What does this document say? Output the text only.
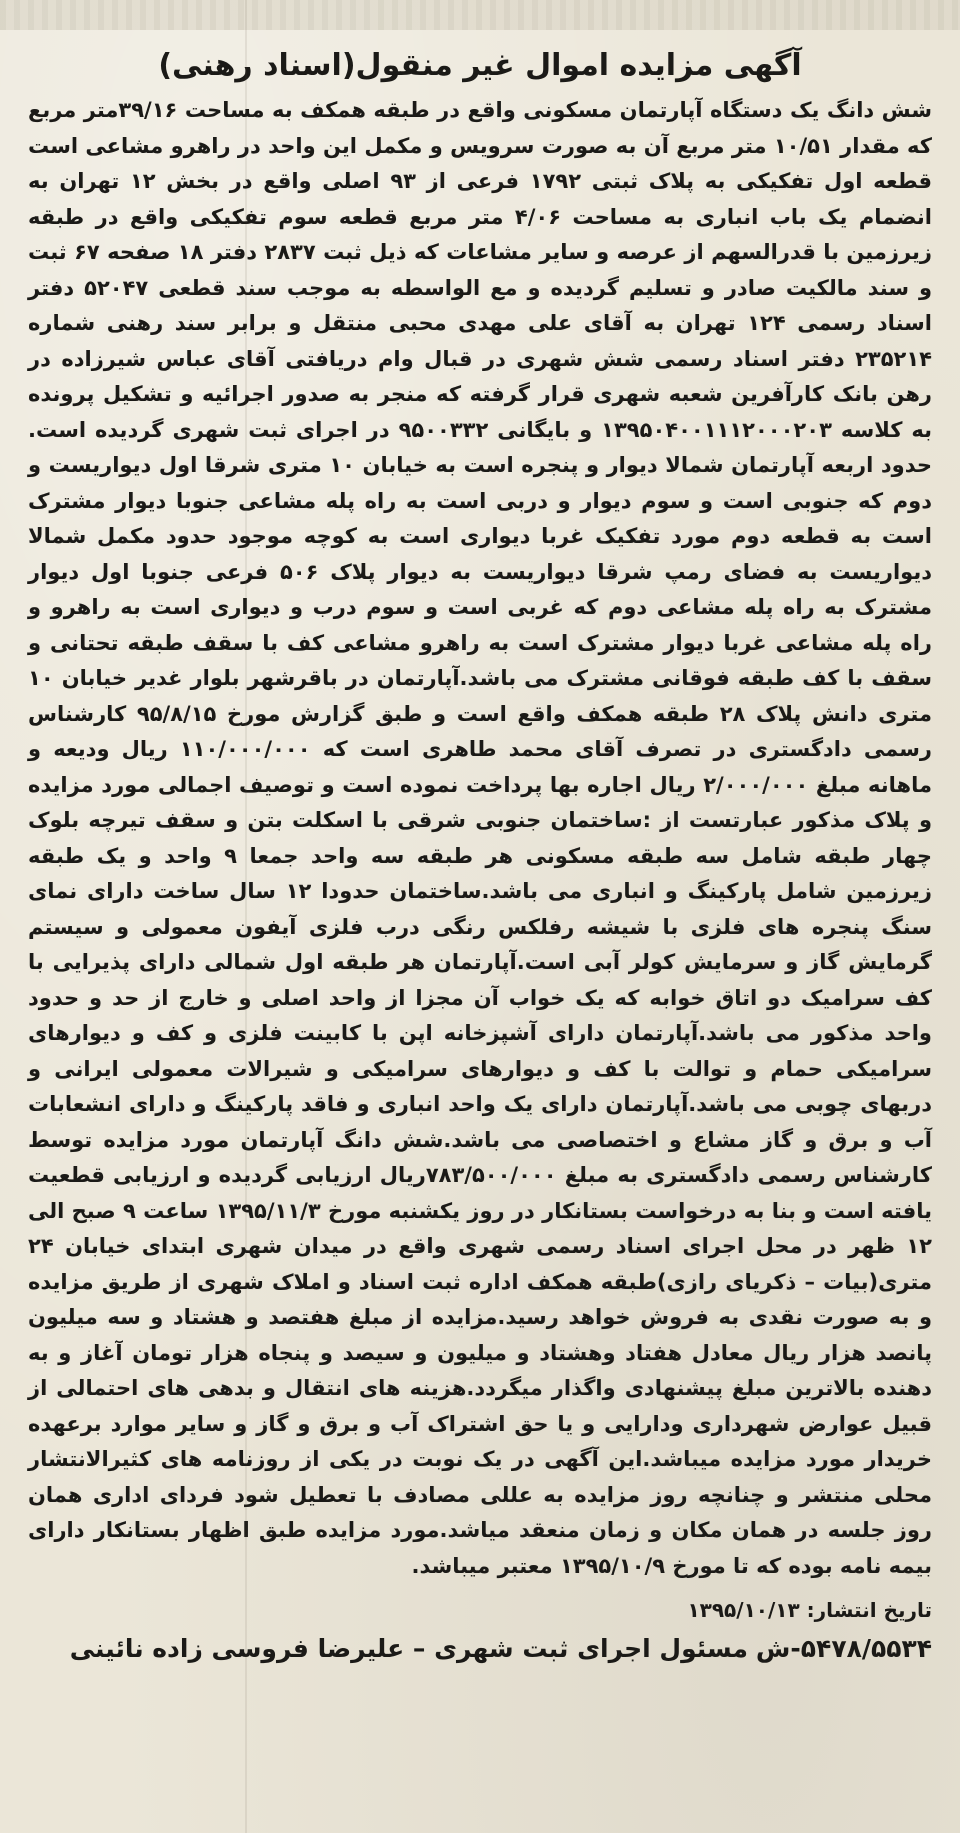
آگهی مزایده اموال غیر منقول(اسناد رهنی)

شش دانگ یک دستگاه آپارتمان مسکونی واقع در طبقه همکف به مساحت ۳۹/۱۶متر مربع که مقدار ۱۰/۵۱ متر مربع آن به صورت سرویس و مکمل این واحد در راهرو مشاعی است قطعه اول تفکیکی به پلاک ثبتی ۱۷۹۲ فرعی از ۹۳ اصلی واقع در بخش ۱۲ تهران به انضمام یک باب انباری به مساحت ۴/۰۶ متر مربع قطعه سوم تفکیکی واقع در طبقه زیرزمین با قدرالسهم از عرصه و سایر مشاعات که ذیل ثبت ۲۸۳۷ دفتر ۱۸ صفحه ۶۷ ثبت و سند مالکیت صادر و تسلیم گردیده و مع الواسطه به موجب سند قطعی ۵۲۰۴۷ دفتر اسناد رسمی ۱۲۴ تهران به آقای علی مهدی محبی منتقل و برابر سند رهنی شماره ۲۳۵۲۱۴ دفتر اسناد رسمی شش شهری در قبال وام دریافتی آقای عباس شیرزاده در رهن بانک کارآفرین شعبه شهری قرار گرفته که منجر به صدور اجرائیه و تشکیل پرونده به کلاسه ۱۳۹۵۰۴۰۰۱۱۱۲۰۰۰۲۰۳ و بایگانی ۹۵۰۰۳۳۲ در اجرای ثبت شهری گردیده است. حدود اربعه آپارتمان شمالا دیوار و پنجره است به خیابان ۱۰ متری شرقا اول دیواریست و دوم که جنوبی است و سوم دیوار و دربی است به راه پله مشاعی جنوبا دیوار مشترک است به قطعه دوم مورد تفکیک غربا دیواری است به کوچه موجود حدود مکمل شمالا دیواریست به فضای رمپ شرقا دیواریست به دیوار پلاک ۵۰۶ فرعی جنوبا اول دیوار مشترک به راه پله مشاعی دوم که غربی است و سوم درب و دیواری است به راهرو و راه پله مشاعی غربا دیوار مشترک است به راهرو مشاعی کف با سقف طبقه تحتانی و سقف با کف طبقه فوقانی مشترک می باشد.آپارتمان در باقرشهر بلوار غدیر خیابان ۱۰ متری دانش پلاک ۲۸ طبقه همکف واقع است و طبق گزارش مورخ ۹۵/۸/۱۵ کارشناس رسمی دادگستری در تصرف آقای محمد طاهری است که ۱۱۰/۰۰۰/۰۰۰ ریال ودیعه و ماهانه مبلغ ۲/۰۰۰/۰۰۰ ریال اجاره بها پرداخت نموده است و توصیف اجمالی مورد مزایده و پلاک مذکور عبارتست از :ساختمان جنوبی شرقی با اسکلت بتن و سقف تیرچه بلوک چهار طبقه شامل سه طبقه مسکونی هر طبقه سه واحد جمعا ۹ واحد و یک طبقه زیرزمین شامل پارکینگ و انباری می باشد.ساختمان حدودا ۱۲ سال ساخت دارای نمای سنگ پنجره های فلزی با شیشه رفلکس رنگی درب فلزی آیفون معمولی و سیستم گرمایش گاز و سرمایش کولر آبی است.آپارتمان هر طبقه اول شمالی دارای پذیرایی با کف سرامیک دو اتاق خوابه که یک خواب آن مجزا از واحد اصلی و خارج از حد و حدود واحد مذکور می باشد.آپارتمان دارای آشپزخانه اپن با کابینت فلزی و کف و دیوارهای سرامیکی حمام و توالت با کف و دیوارهای سرامیکی و شیرالات معمولی ایرانی و دربهای چوبی می باشد.آپارتمان دارای یک واحد انباری و فاقد پارکینگ و دارای انشعابات آب و برق و گاز مشاع و اختصاصی می باشد.شش دانگ آپارتمان مورد مزایده توسط کارشناس رسمی دادگستری به مبلغ ۷۸۳/۵۰۰/۰۰۰ریال ارزیابی گردیده و ارزیابی قطعیت یافته است و بنا به درخواست بستانکار در روز یکشنبه مورخ ۱۳۹۵/۱۱/۳ ساعت ۹ صبح الی ۱۲ ظهر در محل اجرای اسناد رسمی شهری واقع در میدان شهری ابتدای خیابان ۲۴ متری(بیات – ذکریای رازی)طبقه همکف اداره ثبت اسناد و املاک شهری از طریق مزایده و به صورت نقدی به فروش خواهد رسید.مزایده از مبلغ هفتصد و هشتاد و سه میلیون پانصد هزار ریال معادل هفتاد وهشتاد و میلیون و سیصد و پنجاه هزار تومان آغاز و به دهنده بالاترین مبلغ پیشنهادی واگذار میگردد.هزینه های انتقال و بدهی های احتمالی از قبیل عوارض شهرداری ودارایی و یا حق اشتراک آب و برق و گاز و سایر موارد برعهده خریدار مورد مزایده میباشد.این آگهی در یک نوبت در یکی از روزنامه های کثیرالانتشار محلی منتشر و چنانچه روز مزایده به عللی مصادف با تعطیل شود فردای اداری همان روز جلسه در همان مکان و زمان منعقد میاشد.مورد مزایده طبق اظهار بستانکار دارای بیمه نامه بوده که تا مورخ ۱۳۹۵/۱۰/۹ معتبر میباشد.

تاریخ انتشار: ۱۳۹۵/۱۰/۱۳
۵۴۷۸/۵۵۳۴-ش
مسئول اجرای ثبت شهری – علیرضا فروسی زاده نائینی
